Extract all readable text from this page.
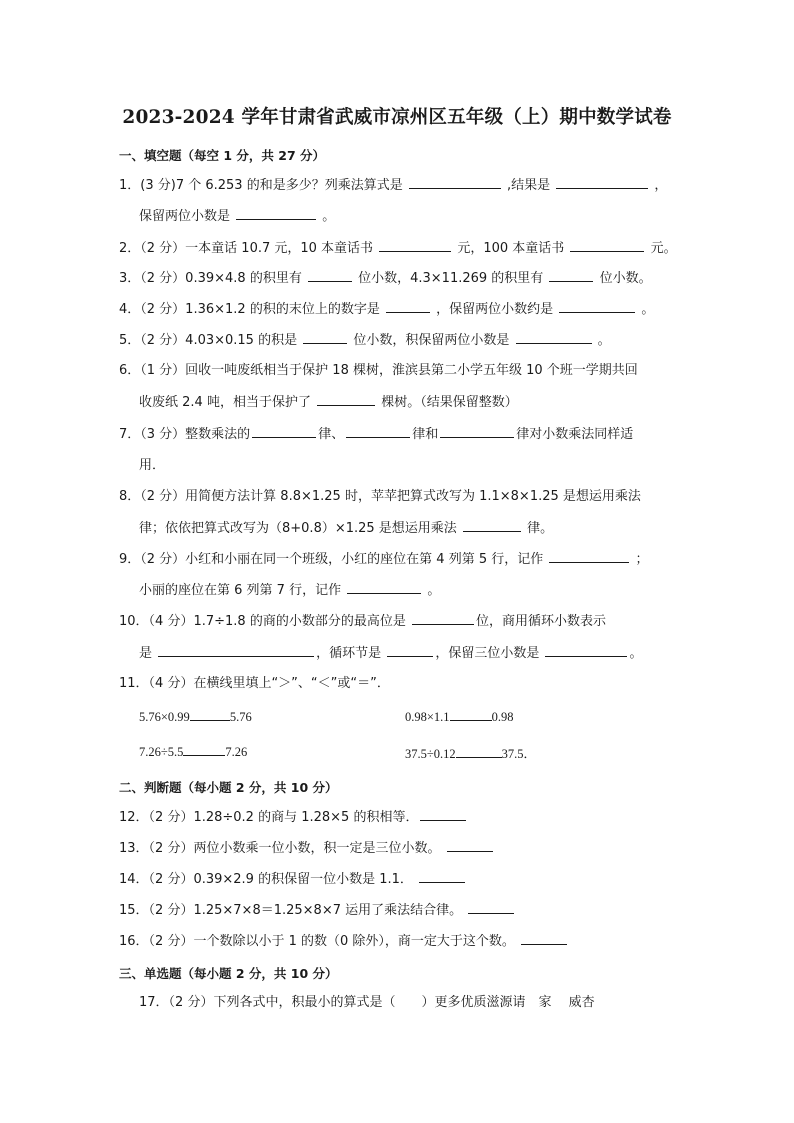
2023-2024 学年甘肃省武威市凉州区五年级（上）期中数学试卷
一、填空题（每空 1 分，共 27 分）
1．(3 分)7 个 6.253 的和是多少？列乘法算式是	,结果是	，
保留两位小数是	。
2．（2 分）一本童话 10.7 元，10 本童话书	元，100 本童话书	元。
3．（2 分）0.39×4.8 的积里有	位小数，4.3×11.269 的积里有	位小数。
4．（2 分）1.36×1.2 的积的末位上的数字是	，保留两位小数约是	。
5．（2 分）4.03×0.15 的积是	位小数，积保留两位小数是	。
6．（1 分）回收一吨废纸相当于保护 18 棵树，淮滨县第二小学五年级 10 个班一学期共回
收废纸 2.4 吨，相当于保护了	棵树。（结果保留整数）
7．（3 分）整数乘法的	律、	律和	律对小数乘法同样适
用．
8．（2 分）用简便方法计算 8.8×1.25 时，苹苹把算式改写为 1.1×8×1.25 是想运用乘法
律；依依把算式改写为（8+0.8）×1.25 是想运用乘法	律。
9．（2 分）小红和小丽在同一个班级，小红的座位在第 4 列第 5 行，记作	；
小丽的座位在第 6 列第 7 行，记作	。
10．（4 分）1.7÷1.8 的商的小数部分的最高位是	位，商用循环小数表示
是	，循环节是	，保留三位小数是	。
11．（4 分）在横线里填上“＞”、“＜”或“＝”．
5.76×0.99	5.76	0.98×1.1	0.98
7.26÷5.5	7.26	37.5÷0.12	37.5．
二、判断题（每小题 2 分，共 10 分）
12．（2 分）1.28÷0.2 的商与 1.28×5 的积相等．
13．（2 分）两位小数乘一位小数，积一定是三位小数。
14．（2 分）0.39×2.9 的积保留一位小数是 1.1．
15．（2 分）1.25×7×8＝1.25×8×7 运用了乘法结合律。
16．（2 分）一个数除以小于 1 的数（0 除外），商一定大于这个数。
三、单选题（每小题 2 分，共 10 分）
17．（2 分）下列各式中，积最小的算式是（　　）更多优质滋源请　家　 威杏
